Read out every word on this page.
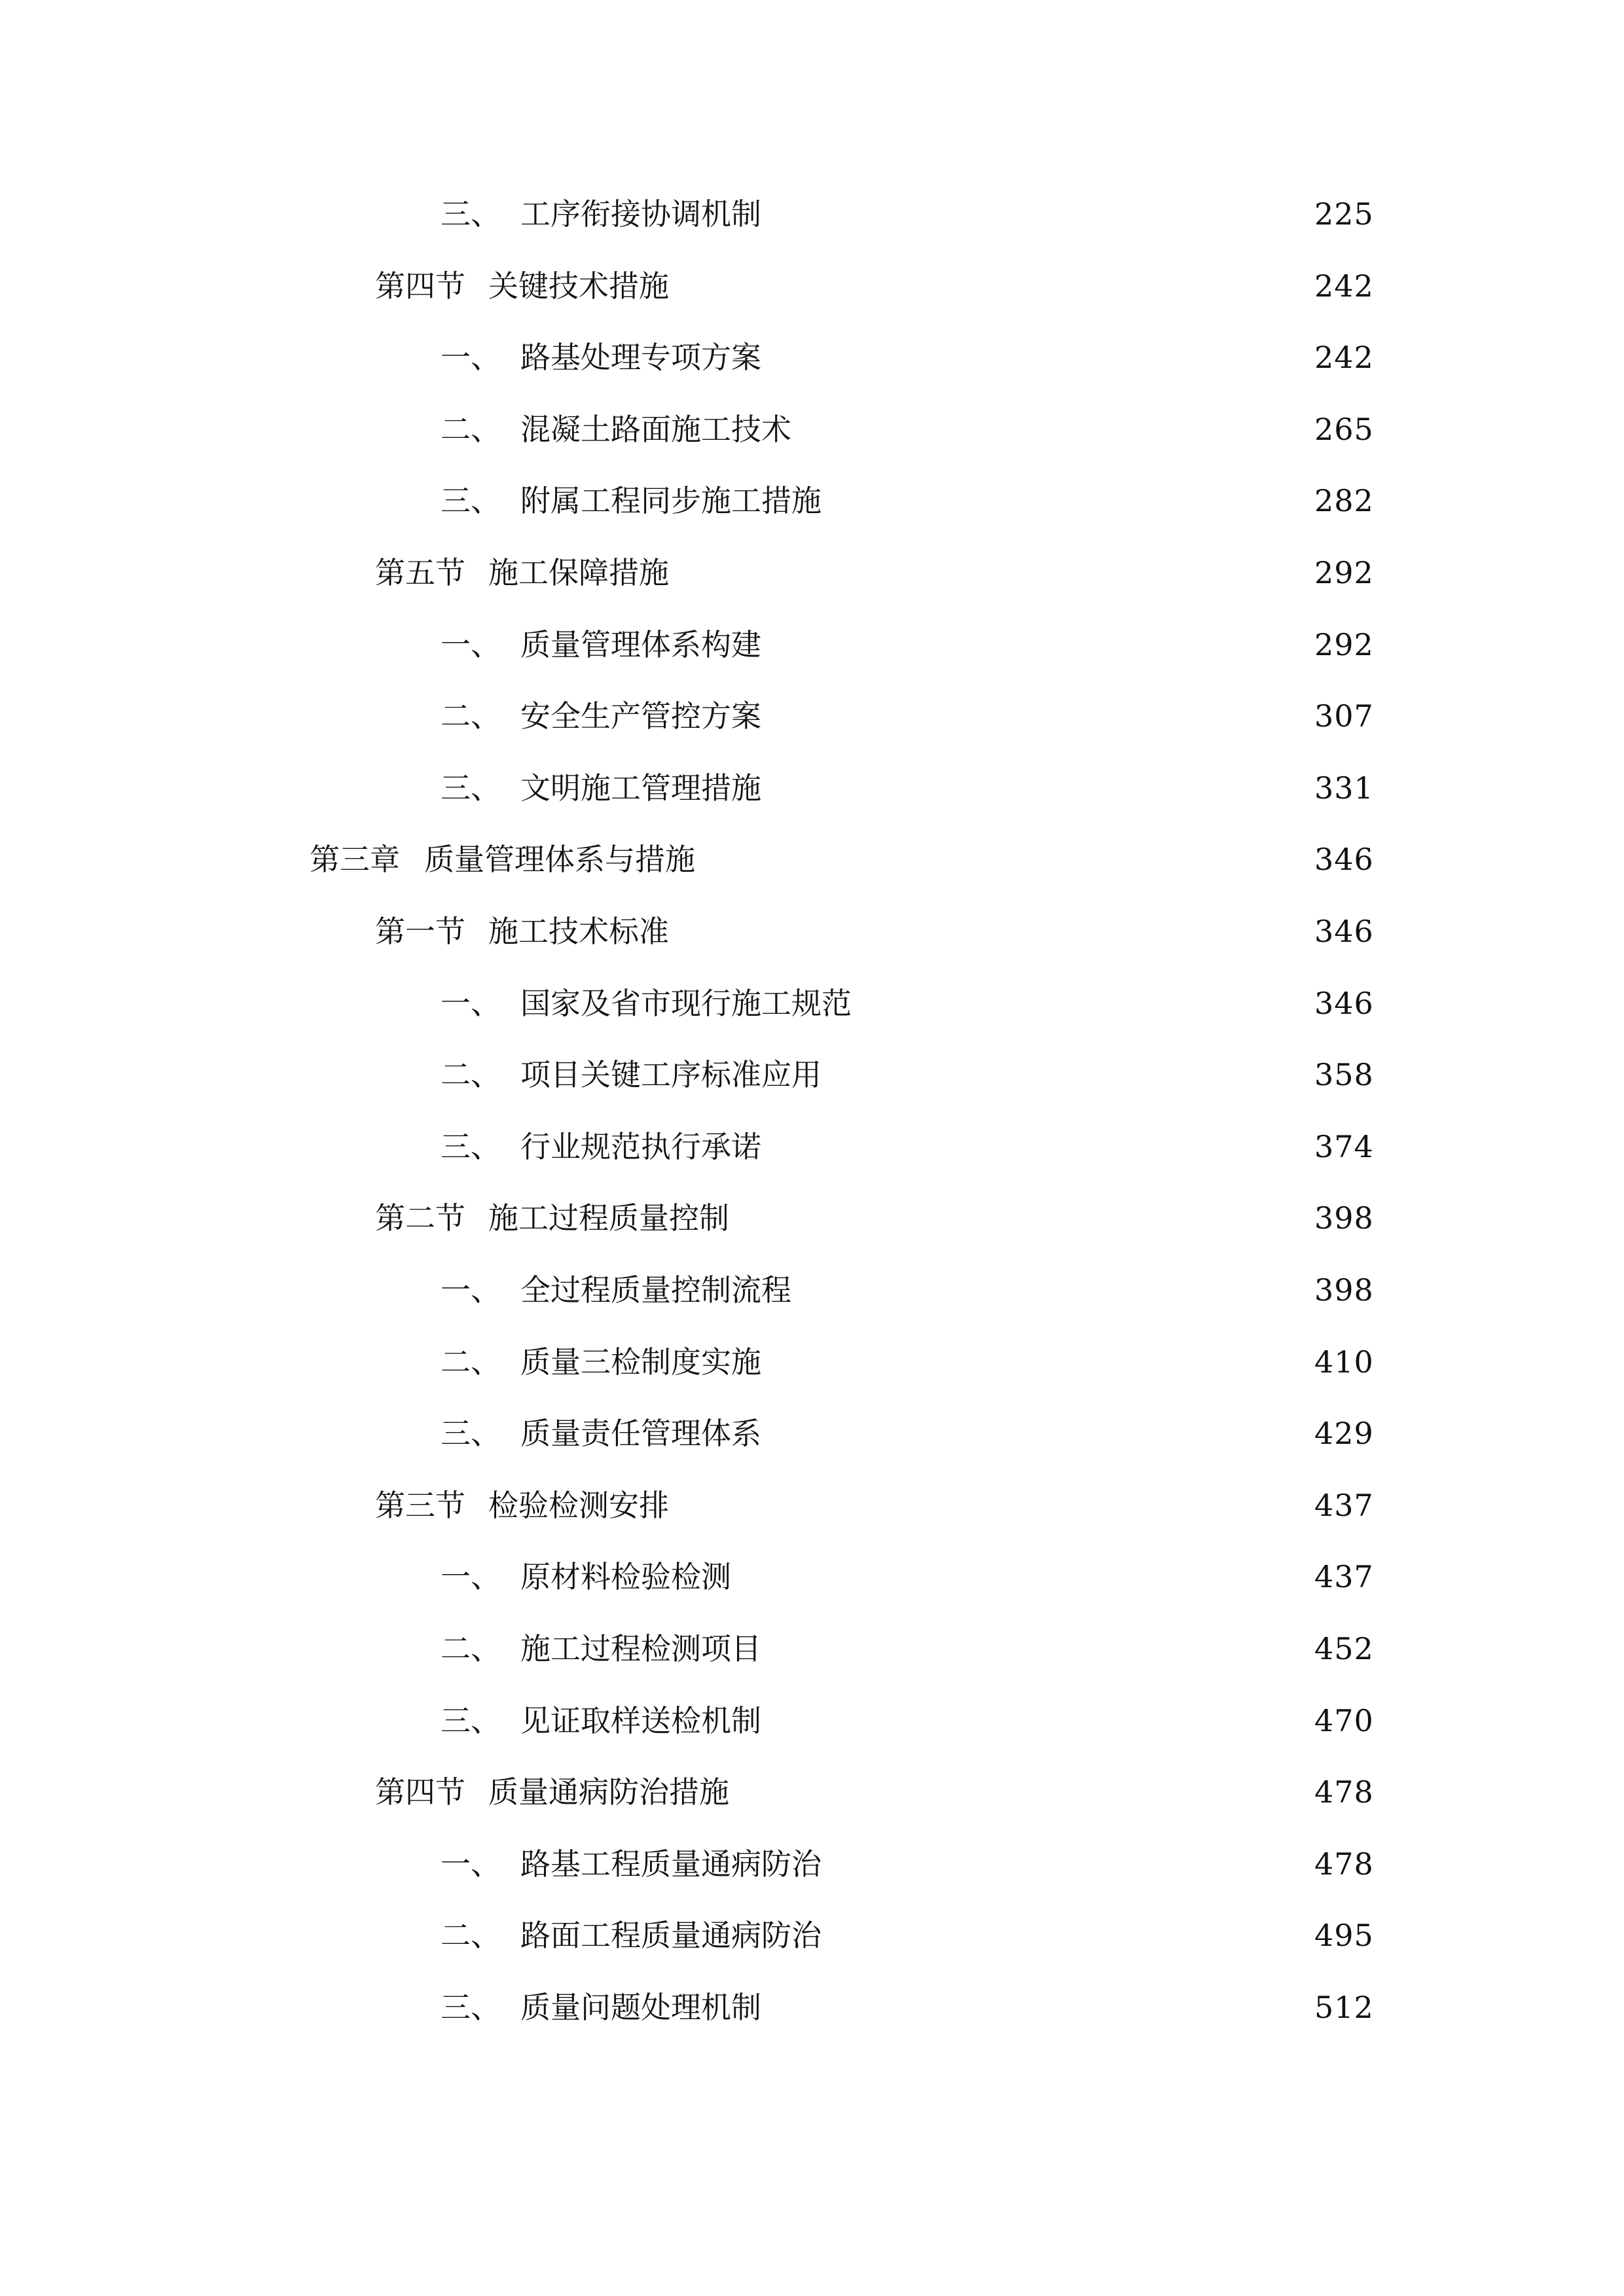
三、 工序衔接协调机制	225
第四节 关键技术措施	242
一、 路基处理专项方案	242
二、 混凝土路面施工技术	265
三、 附属工程同步施工措施	282
第五节 施工保障措施	292
一、 质量管理体系构建	292
二、 安全生产管控方案	307
三、 文明施工管理措施	331
第三章 质量管理体系与措施	346
第一节 施工技术标准	346
一、 国家及省市现行施工规范	346
二、 项目关键工序标准应用	358
三、 行业规范执行承诺	374
第二节 施工过程质量控制	398
一、 全过程质量控制流程	398
二、 质量三检制度实施	410
三、 质量责任管理体系	429
第三节 检验检测安排	437
一、 原材料检验检测	437
二、 施工过程检测项目	452
三、 见证取样送检机制	470
第四节 质量通病防治措施	478
一、 路基工程质量通病防治	478
二、 路面工程质量通病防治	495
三、 质量问题处理机制	512
